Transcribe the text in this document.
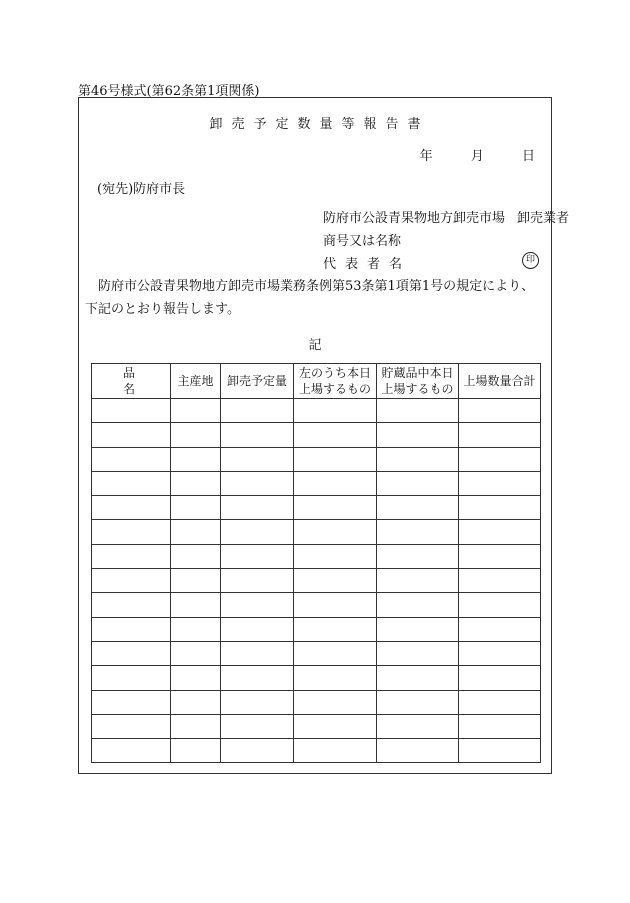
第46号様式(第62条第1項関係)
卸売予定数量等報告書
年	月	日
(宛先)防府市長
防府市公設青果物地方卸売市場 卸売業者
商号又は名称
代表者名	印
防府市公設青果物地方卸売市場業務条例第53条第1項第1号の規定により、下記のとおり報告します。
記
品名	主産地	卸売予定量	左のうち本日上場するもの	貯蔵品中本日上場するもの	上場数量合計
